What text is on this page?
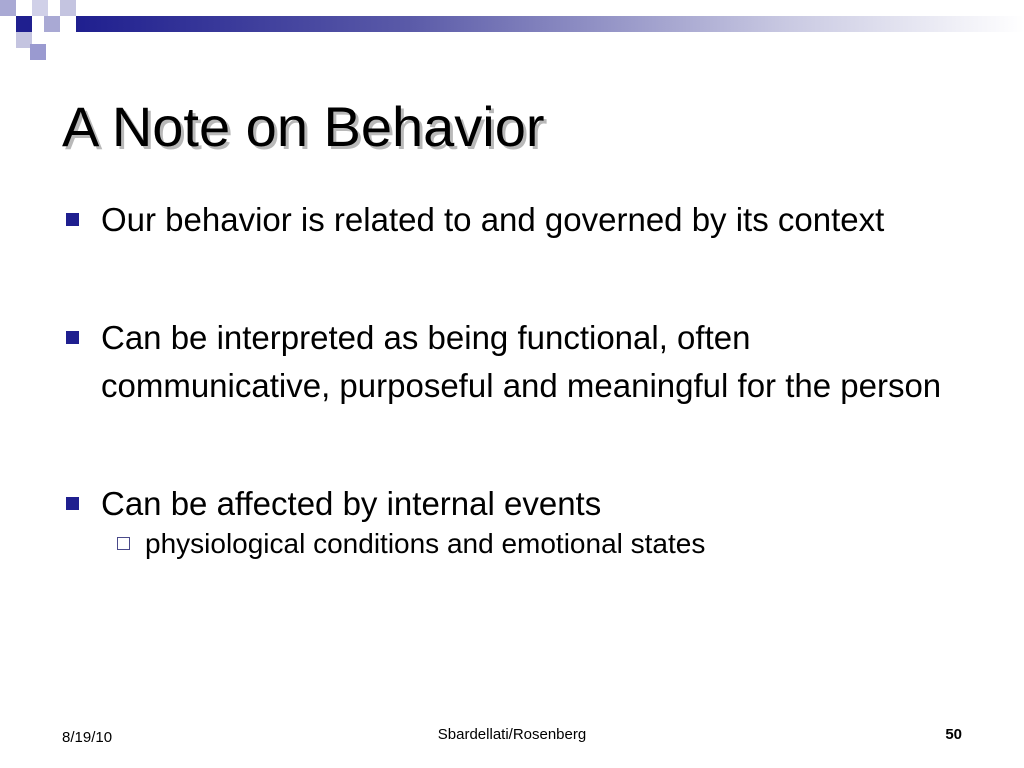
A Note on Behavior
Our behavior is related to and governed by its context
Can be interpreted as being functional, often communicative, purposeful and meaningful for the person
Can be affected by internal events
physiological conditions and emotional states
8/19/10	Sbardellati/Rosenberg	50
